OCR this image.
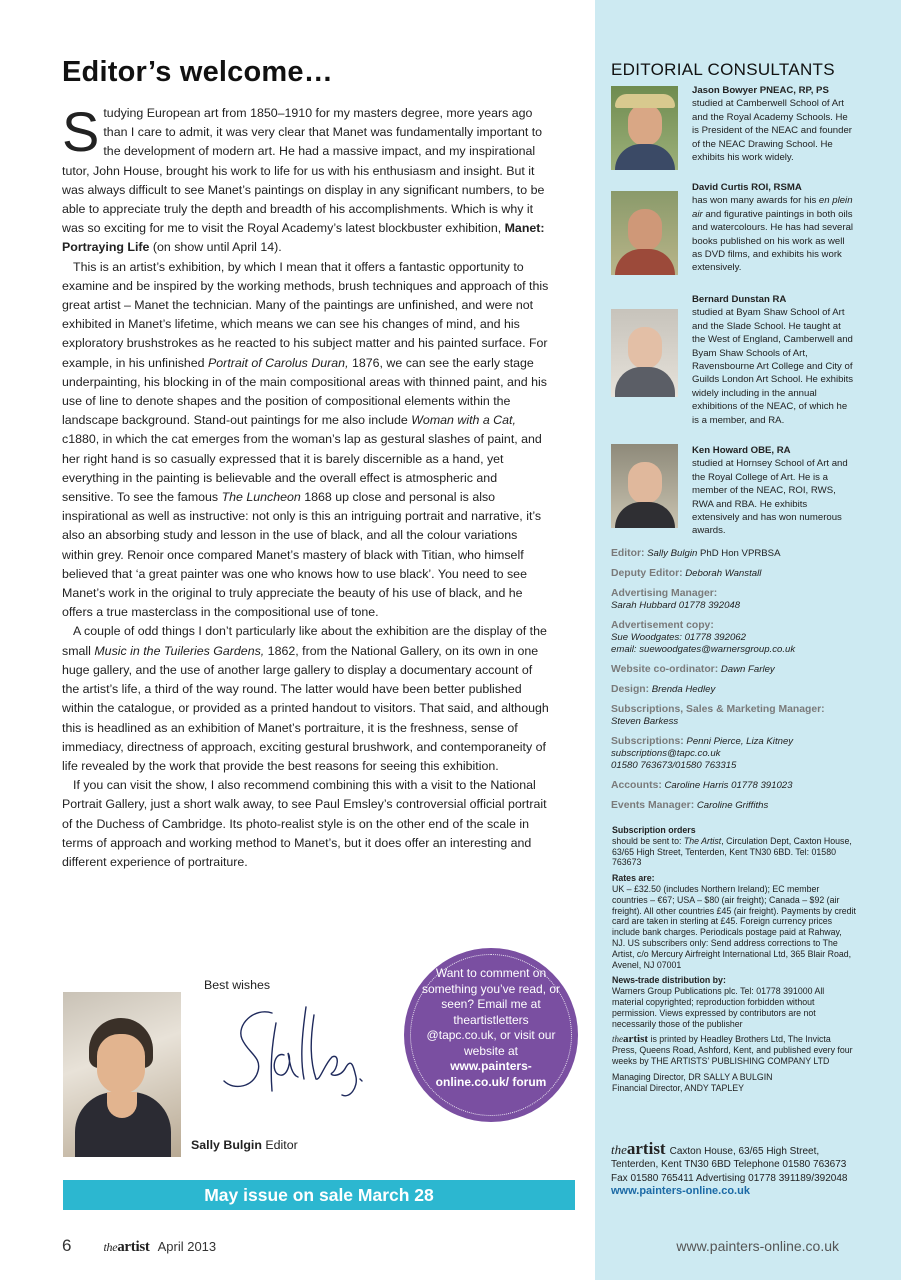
Editor’s welcome…

Studying European art from 1850–1910 for my masters degree, more years ago than I care to admit, it was very clear that Manet was fundamentally important to the development of modern art. He had a massive impact, and my inspirational tutor, John House, brought his work to life for us with his enthusiasm and insight. But it was always difficult to see Manet’s paintings on display in any significant numbers, to be able to appreciate truly the depth and breadth of his accomplishments. Which is why it was so exciting for me to visit the Royal Academy’s latest blockbuster exhibition, Manet: Portraying Life (on show until April 14).

This is an artist’s exhibition, by which I mean that it offers a fantastic opportunity to examine and be inspired by the working methods, brush techniques and approach of this great artist – Manet the technician. Many of the paintings are unfinished, and were not exhibited in Manet’s lifetime, which means we can see his changes of mind, and his exploratory brushstrokes as he reacted to his subject matter and his painted surface. For example, in his unfinished Portrait of Carolus Duran, 1876, we can see the early stage underpainting, his blocking in of the main compositional areas with thinned paint, and his use of line to denote shapes and the position of compositional elements within the landscape background. Stand-out paintings for me also include Woman with a Cat, c1880, in which the cat emerges from the woman’s lap as gestural slashes of paint, and her right hand is so casually expressed that it is barely discernible as a hand, yet everything in the painting is believable and the overall effect is atmospheric and sensitive. To see the famous The Luncheon 1868 up close and personal is also inspirational as well as instructive: not only is this an intriguing portrait and narrative, it’s also an absorbing study and lesson in the use of black, and all the colour variations within grey. Renoir once compared Manet’s mastery of black with Titian, who himself believed that ‘a great painter was one who knows how to use black’. You need to see Manet’s work in the original to truly appreciate the beauty of his use of black, and he offers a true masterclass in the compositional use of tone.

A couple of odd things I don’t particularly like about the exhibition are the display of the small Music in the Tuileries Gardens, 1862, from the National Gallery, on its own in one huge gallery, and the use of another large gallery to display a documentary account of the artist’s life, a third of the way round. The latter would have been better published within the catalogue, or provided as a printed handout to visitors. That said, and although this is headlined as an exhibition of Manet’s portraiture, it is the freshness, sense of immediacy, directness of approach, exciting gestural brushwork, and contemporaneity of life revealed by the work that provide the best reasons for seeing this exhibition.

If you can visit the show, I also recommend combining this with a visit to the National Portrait Gallery, just a short walk away, to see Paul Emsley’s controversial official portrait of the Duchess of Cambridge. Its photo-realist style is on the other end of the scale in terms of approach and working method to Manet’s, but it does offer an interesting and different experience of portraiture.

Best wishes
Sally Bulgin Editor
Want to comment on something you’ve read, or seen? Email me at theartistletters @tapc.co.uk, or visit our website at
www.painters-online.co.uk/ forum
May issue on sale March 28
6	theartist April 2013	www.painters-online.co.uk
EDITORIAL CONSULTANTS
Jason Bowyer PNEAC, RP, PS
studied at Camberwell School of Art and the Royal Academy Schools. He is President of the NEAC and founder of the NEAC Drawing School. He exhibits his work widely.
David Curtis ROI, RSMA
has won many awards for his en plein air and figurative paintings in both oils and watercolours. He has had several books published on his work as well as DVD films, and exhibits his work extensively.
Bernard Dunstan RA
studied at Byam Shaw School of Art and the Slade School. He taught at the West of England, Camberwell and Byam Shaw Schools of Art, Ravensbourne Art College and City of Guilds London Art School. He exhibits widely including in the annual exhibitions of the NEAC, of which he is a member, and RA.
Ken Howard OBE, RA
studied at Hornsey School of Art and the Royal College of Art. He is a member of the NEAC, ROI, RWS, RWA and RBA. He exhibits extensively and has won numerous awards.
Editor: Sally Bulgin PhD Hon VPRBSA
Deputy Editor: Deborah Wanstall
Advertising Manager:
Sarah Hubbard 01778 392048
Advertisement copy:
Sue Woodgates: 01778 392062
email: suewoodgates@warnersgroup.co.uk
Website co-ordinator: Dawn Farley
Design: Brenda Hedley
Subscriptions, Sales & Marketing Manager:
Steven Barkess
Subscriptions: Penni Pierce, Liza Kitney
subscriptions@tapc.co.uk
01580 763673/01580 763315
Accounts: Caroline Harris 01778 391023
Events Manager: Caroline Griffiths
Subscription orders
should be sent to: The Artist, Circulation Dept, Caxton House, 63/65 High Street, Tenterden, Kent TN30 6BD. Tel: 01580 763673
Rates are:
UK – £32.50 (includes Northern Ireland); EC member countries – €67; USA – $80 (air freight); Canada – $92 (air freight). All other countries £45 (air freight). Payments by credit card are taken in sterling at £45. Foreign currency prices include bank charges. Periodicals postage paid at Rahway, NJ. US subscribers only: Send address corrections to The Artist, c/o Mercury Airfreight International Ltd, 365 Blair Road, Avenel, NJ 07001
News-trade distribution by:
Warners Group Publications plc. Tel: 01778 391000 All material copyrighted; reproduction forbidden without permission. Views expressed by contributors are not necessarily those of the publisher
theartist is printed by Headley Brothers Ltd, The Invicta Press, Queens Road, Ashford, Kent, and published every four weeks by THE ARTISTS’ PUBLISHING COMPANY LTD
Managing Director, DR SALLY A BULGIN
Financial Director, ANDY TAPLEY
theartist Caxton House, 63/65 High Street, Tenterden, Kent TN30 6BD Telephone 01580 763673 Fax 01580 765411 Advertising 01778 391189/392048
www.painters-online.co.uk
